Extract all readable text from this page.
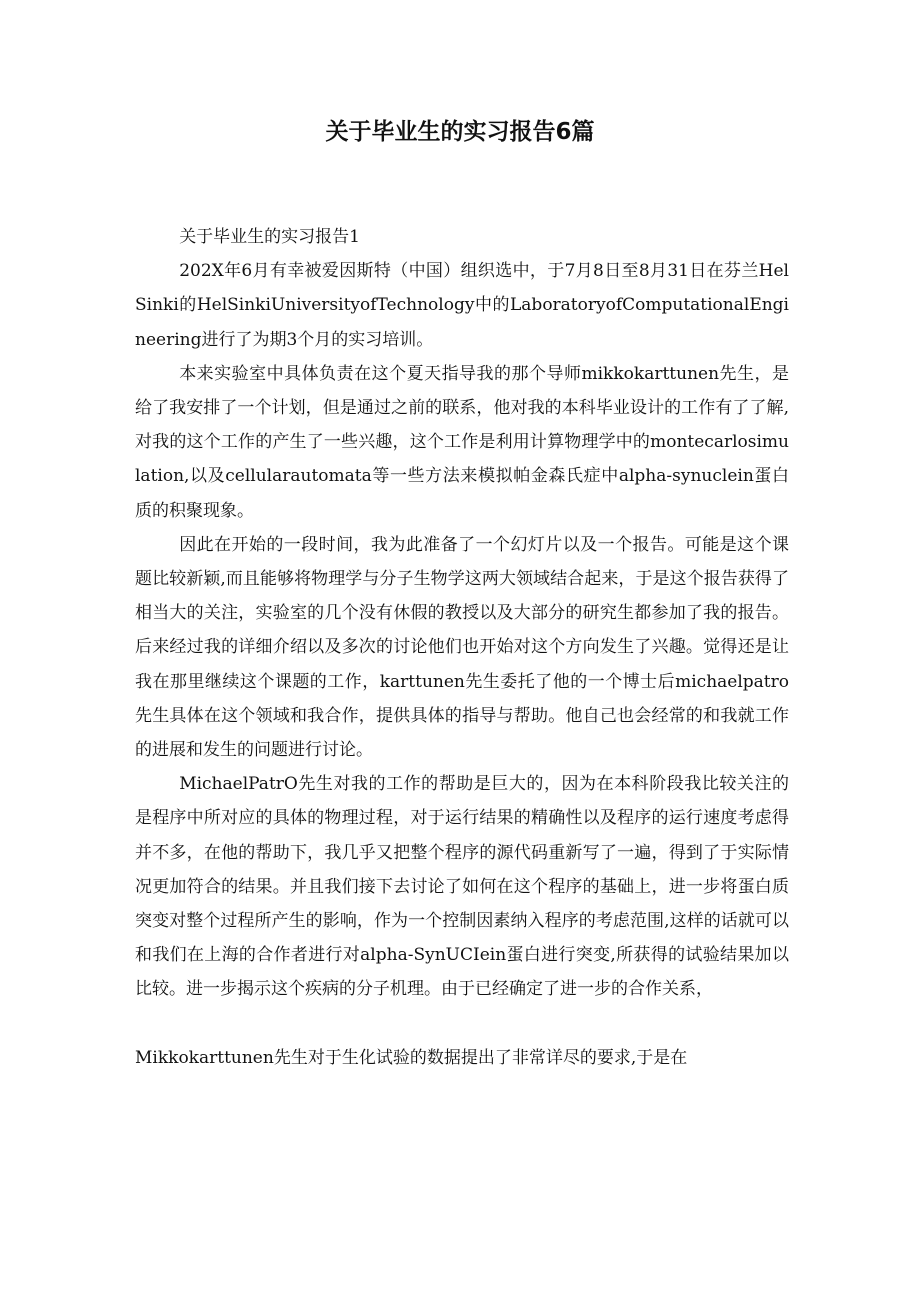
关于毕业生的实习报告6篇

关于毕业生的实习报告1

202X年6月有幸被爱因斯特（中国）组织选中，于7月8日至8月31日在芬兰HelSinki的HelSinkiUniversityofTechnology中的LaboratoryofComputationalEngineering进行了为期3个月的实习培训。

本来实验室中具体负责在这个夏天指导我的那个导师mikkokarttunen先生，是给了我安排了一个计划，但是通过之前的联系，他对我的本科毕业设计的工作有了了解,对我的这个工作的产生了一些兴趣，这个工作是利用计算物理学中的montecarlosimulation,以及cellularautomata等一些方法来模拟帕金森氏症中alpha-synuclein蛋白质的积聚现象。

因此在开始的一段时间，我为此准备了一个幻灯片以及一个报告。可能是这个课题比较新颖,而且能够将物理学与分子生物学这两大领域结合起来，于是这个报告获得了相当大的关注，实验室的几个没有休假的教授以及大部分的研究生都参加了我的报告。后来经过我的详细介绍以及多次的讨论他们也开始对这个方向发生了兴趣。觉得还是让我在那里继续这个课题的工作，karttunen先生委托了他的一个博士后michaelpatro先生具体在这个领域和我合作，提供具体的指导与帮助。他自己也会经常的和我就工作的进展和发生的问题进行讨论。

MichaelPatrO先生对我的工作的帮助是巨大的，因为在本科阶段我比较关注的是程序中所对应的具体的物理过程，对于运行结果的精确性以及程序的运行速度考虑得并不多，在他的帮助下，我几乎又把整个程序的源代码重新写了一遍，得到了于实际情况更加符合的结果。并且我们接下去讨论了如何在这个程序的基础上，进一步将蛋白质突变对整个过程所产生的影响，作为一个控制因素纳入程序的考虑范围,这样的话就可以和我们在上海的合作者进行对alpha-SynUCIein蛋白进行突变,所获得的试验结果加以比较。进一步揭示这个疾病的分子机理。由于已经确定了进一步的合作关系，

Mikkokarttunen先生对于生化试验的数据提出了非常详尽的要求,于是在
